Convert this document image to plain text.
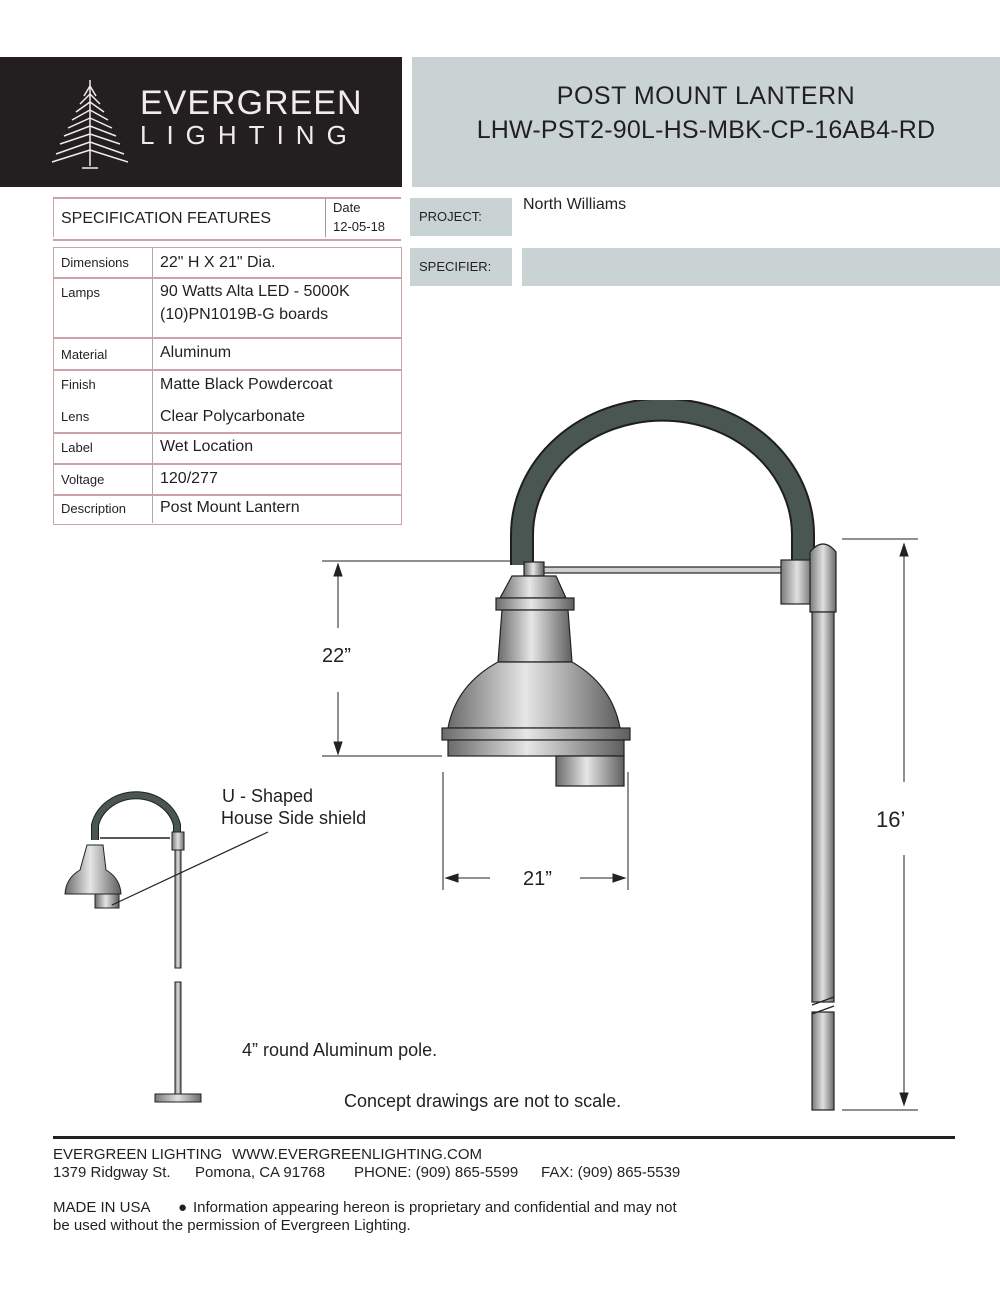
EVERGREEN
LIGHTING
POST MOUNT LANTERN
LHW-PST2-90L-HS-MBK-CP-16AB4-RD
SPECIFICATION FEATURES
Date
12-05-18
Dimensions 22" H X 21" Dia.
Lamps	90 Watts Alta LED - 5000K
(10)PN1019B-G boards
Material	Aluminum
Finish	Matte Black Powdercoat
Lens	Clear Polycarbonate
Label	Wet Location
Voltage	120/277
Description Post Mount Lantern
PROJECT:
North Williams
SPECIFIER:
22”
21”
16’
U - Shaped
House Side shield
4” round Aluminum pole.
Concept drawings are not to scale.
EVERGREEN LIGHTING WWW.EVERGREENLIGHTING.COM
1379 Ridgway St. Pomona, CA 91768 PHONE: (909) 865-5599 FAX: (909) 865-5539
MADE IN USA ● Information appearing hereon is proprietary and confidential and may not
be used without the permission of Evergreen Lighting.
